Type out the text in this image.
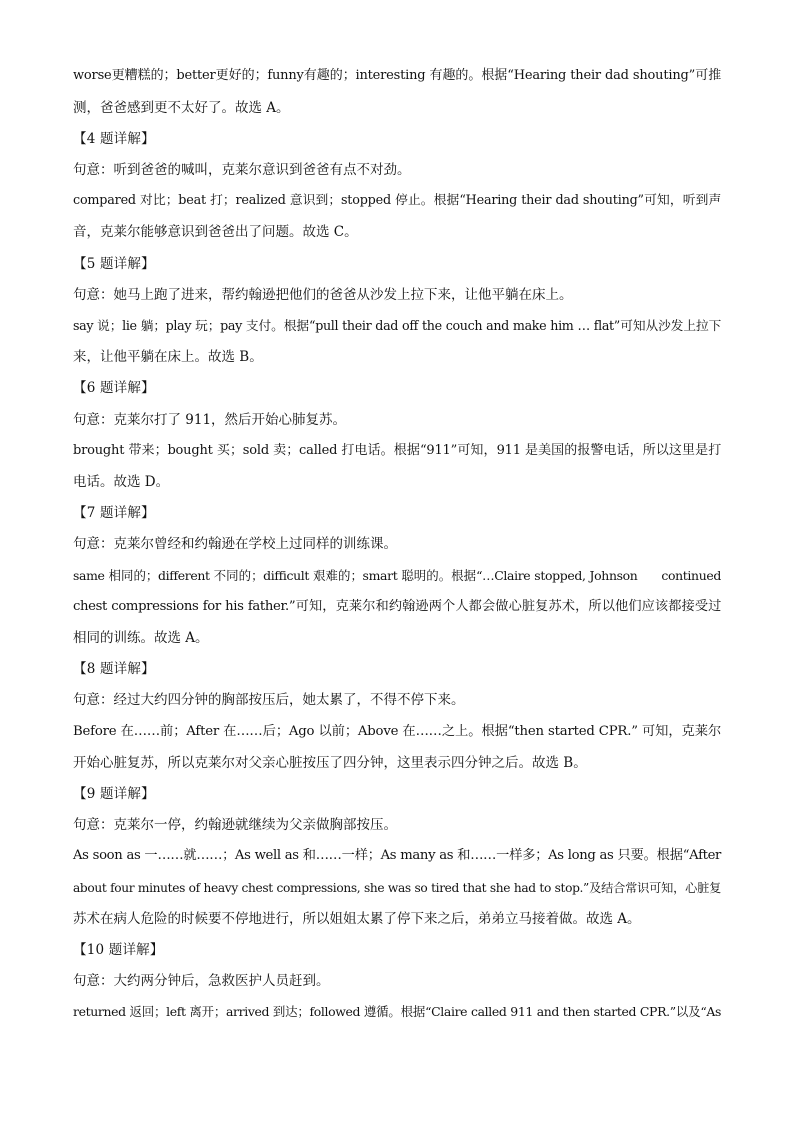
worse更糟糕的；better更好的；funny有趣的；interesting 有趣的。根据“Hearing their dad shouting”可推
测，爸爸感到更不太好了。故选 A。
【4 题详解】
句意：听到爸爸的喊叫，克莱尔意识到爸爸有点不对劲。
compared 对比；beat 打；realized 意识到；stopped 停止。根据“Hearing their dad shouting”可知，听到声
音，克莱尔能够意识到爸爸出了问题。故选 C。
【5 题详解】
句意：她马上跑了进来，帮约翰逊把他们的爸爸从沙发上拉下来，让他平躺在床上。
say 说；lie 躺；play 玩；pay 支付。根据“pull their dad off the couch and make him … flat”可知从沙发上拉下
来，让他平躺在床上。故选 B。
【6 题详解】
句意：克莱尔打了 911，然后开始心肺复苏。
brought 带来；bought 买；sold 卖；called 打电话。根据“911”可知，911 是美国的报警电话，所以这里是打
电话。故选 D。
【7 题详解】
句意：克莱尔曾经和约翰逊在学校上过同样的训练课。
same 相同的；different 不同的；difficult 艰难的；smart 聪明的。根据“…Claire stopped, Johnson      continued
chest compressions for his father.”可知，克莱尔和约翰逊两个人都会做心脏复苏术，所以他们应该都接受过
相同的训练。故选 A。
【8 题详解】
句意：经过大约四分钟的胸部按压后，她太累了，不得不停下来。
Before 在……前；After 在……后；Ago 以前；Above 在……之上。根据“then started CPR.” 可知，克莱尔
开始心脏复苏，所以克莱尔对父亲心脏按压了四分钟，这里表示四分钟之后。故选 B。
【9 题详解】
句意：克莱尔一停，约翰逊就继续为父亲做胸部按压。
As soon as 一……就……；As well as 和……一样；As many as 和……一样多；As long as 只要。根据“After
about four minutes of heavy chest compressions, she was so tired that she had to stop.”及结合常识可知，心脏复
苏术在病人危险的时候要不停地进行，所以姐姐太累了停下来之后，弟弟立马接着做。故选 A。
【10 题详解】
句意：大约两分钟后，急救医护人员赶到。
returned 返回；left 离开；arrived 到达；followed 遵循。根据“Claire called 911 and then started CPR.”以及“As
